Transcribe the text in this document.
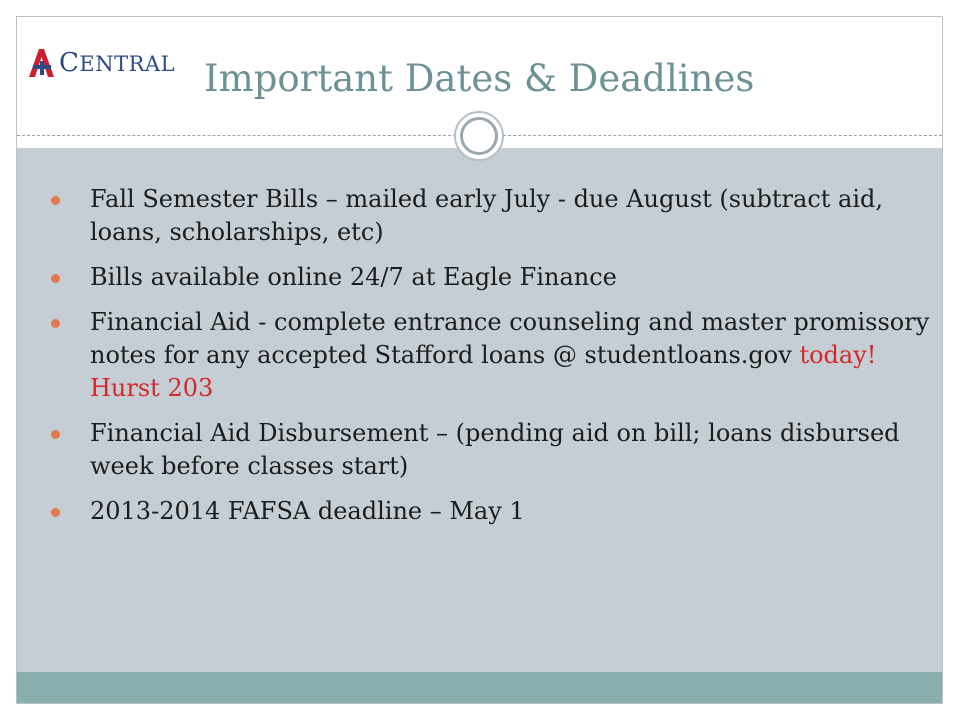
CENTRAL Important Dates & Deadlines
Fall Semester Bills – mailed early July - due August (subtract aid, loans, scholarships, etc)
Bills available online 24/7 at Eagle Finance
Financial Aid - complete entrance counseling and master promissory notes for any accepted Stafford loans @ studentloans.gov today! Hurst 203
Financial Aid Disbursement – (pending aid on bill; loans disbursed week before classes start)
2013-2014 FAFSA deadline – May 1
